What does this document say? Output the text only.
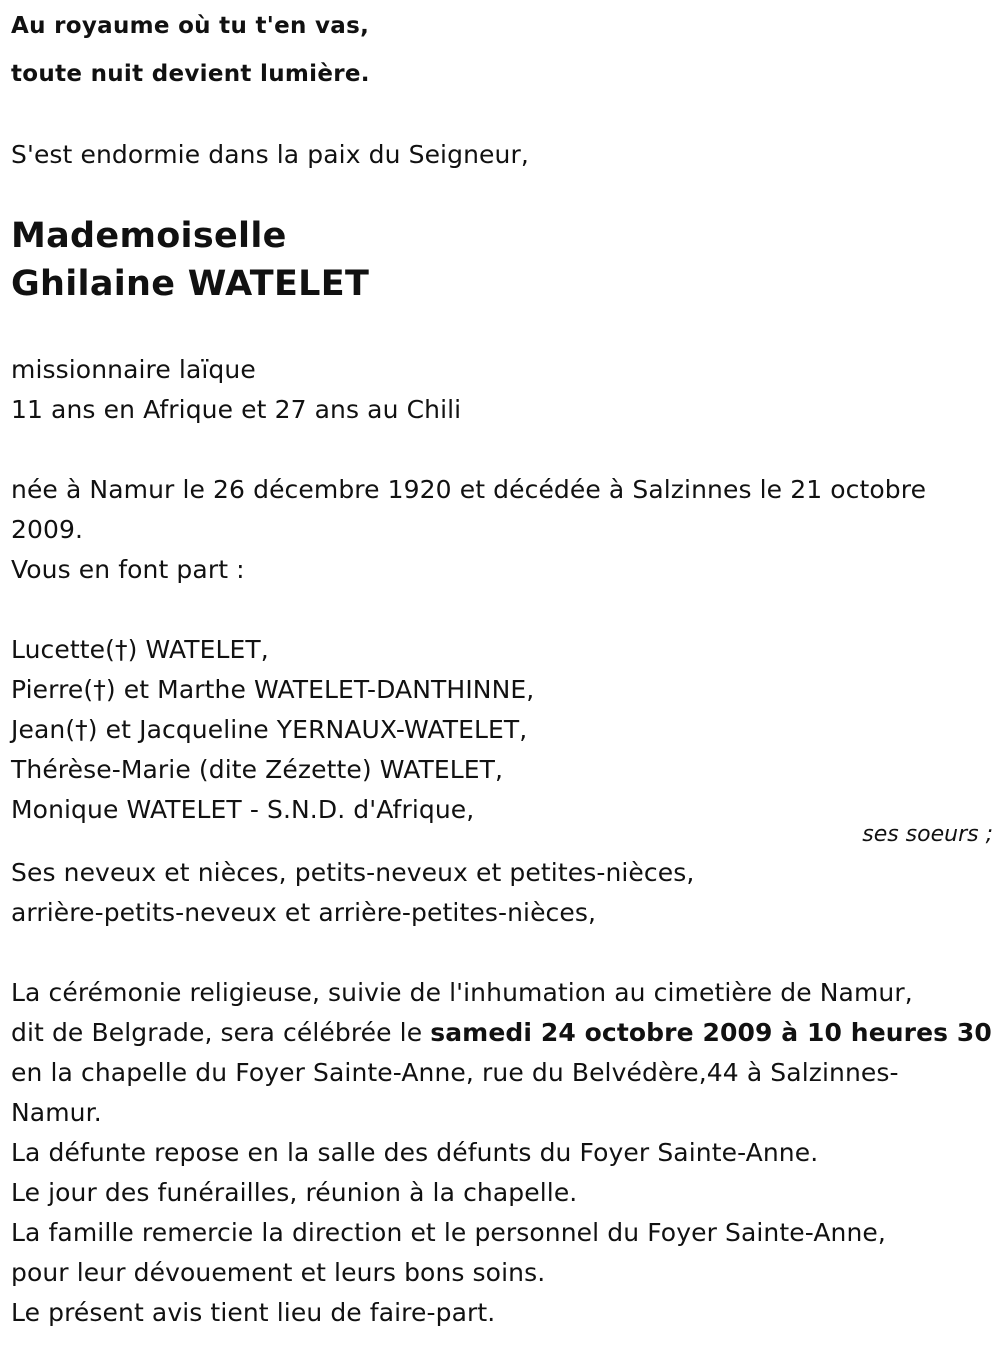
Au royaume où tu t'en vas,
toute nuit devient lumière.
S'est endormie dans la paix du Seigneur,
Mademoiselle
Ghilaine WATELET
missionnaire laïque
11 ans en Afrique et 27 ans au Chili
née à Namur le 26 décembre 1920 et décédée à Salzinnes le 21 octobre
2009.
Vous en font part :
Lucette(†) WATELET,
Pierre(†) et Marthe WATELET-DANTHINNE,
Jean(†) et Jacqueline YERNAUX-WATELET,
Thérèse-Marie (dite Zézette) WATELET,
Monique WATELET - S.N.D. d'Afrique,
ses soeurs ;
Ses neveux et nièces, petits-neveux et petites-nièces,
arrière-petits-neveux et arrière-petites-nièces,
La cérémonie religieuse, suivie de l'inhumation au cimetière de Namur,
dit de Belgrade, sera célébrée le samedi 24 octobre 2009 à 10 heures 30
en la chapelle du Foyer Sainte-Anne, rue du Belvédère,44 à Salzinnes-
Namur.
La défunte repose en la salle des défunts du Foyer Sainte-Anne.
Le jour des funérailles, réunion à la chapelle.
La famille remercie la direction et le personnel du Foyer Sainte-Anne,
pour leur dévouement et leurs bons soins.
Le présent avis tient lieu de faire-part.
